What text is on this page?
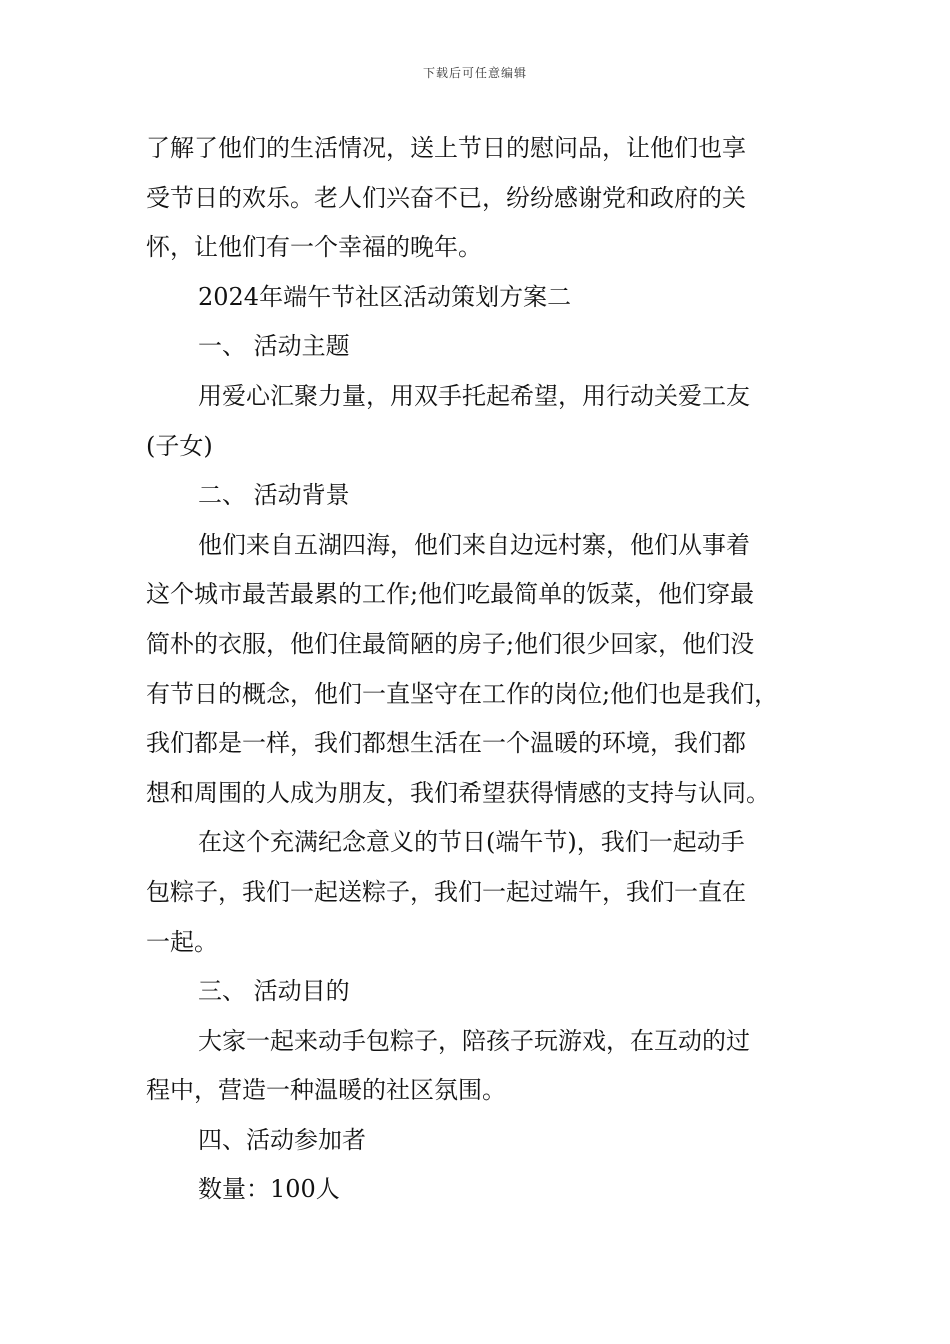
下载后可任意编辑
了解了他们的生活情况，送上节日的慰问品，让他们也享
受节日的欢乐。老人们兴奋不已，纷纷感谢党和政府的关
怀，让他们有一个幸福的晚年。
2024年端午节社区活动策划方案二
一、 活动主题
用爱心汇聚力量，用双手托起希望，用行动关爱工友
(子女)
二、 活动背景
他们来自五湖四海，他们来自边远村寨，他们从事着
这个城市最苦最累的工作;他们吃最简单的饭菜，他们穿最
简朴的衣服，他们住最简陋的房子;他们很少回家，他们没
有节日的概念，他们一直坚守在工作的岗位;他们也是我们，
我们都是一样，我们都想生活在一个温暖的环境，我们都
想和周围的人成为朋友，我们希望获得情感的支持与认同。
在这个充满纪念意义的节日(端午节)，我们一起动手
包粽子，我们一起送粽子，我们一起过端午，我们一直在
一起。
三、 活动目的
大家一起来动手包粽子，陪孩子玩游戏，在互动的过
程中，营造一种温暖的社区氛围。
四、活动参加者
数量：100人
